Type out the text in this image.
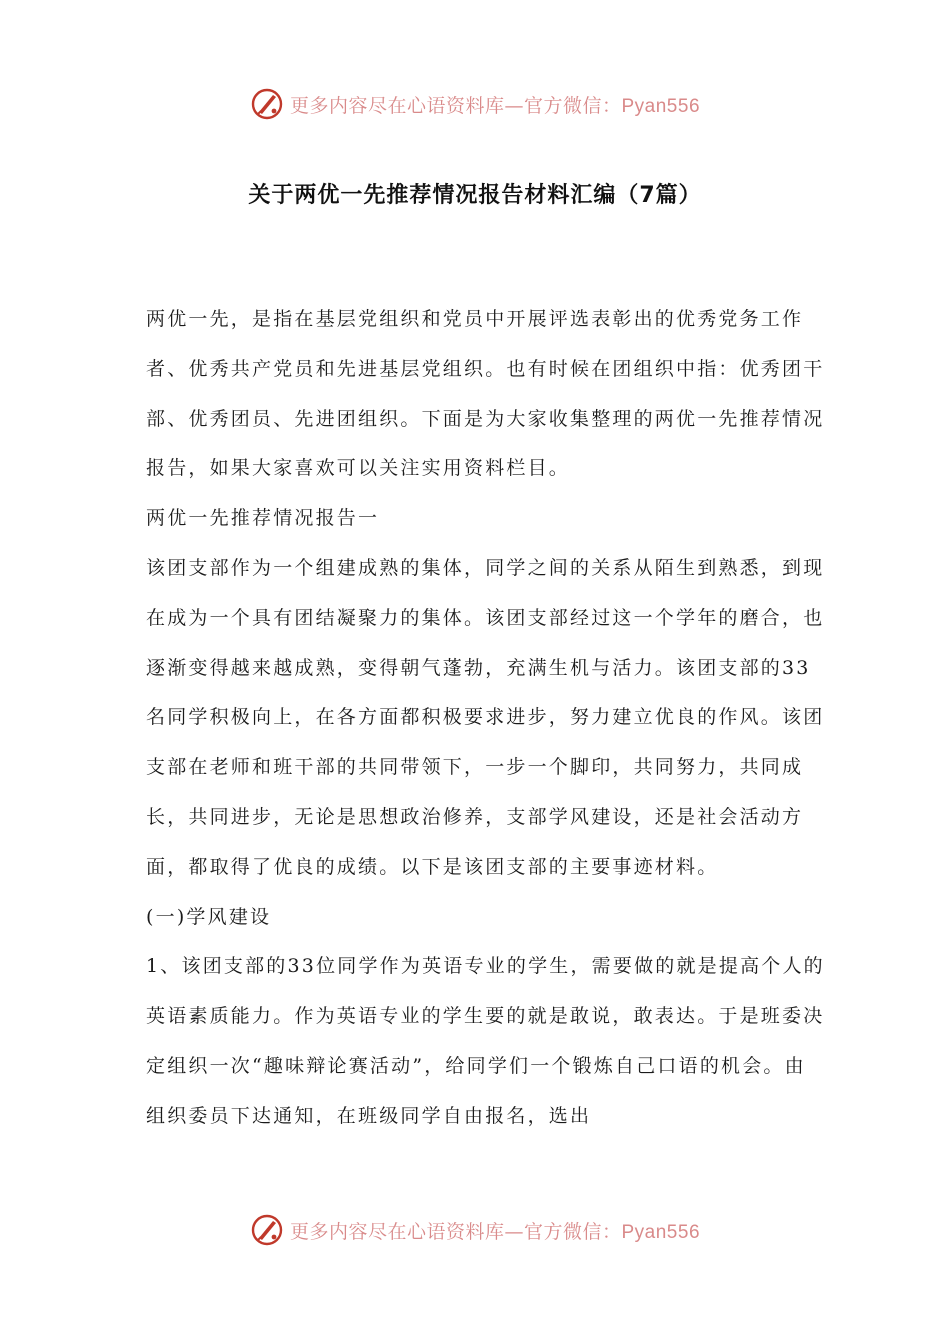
更多内容尽在心语资料库—官方微信：Pyan556
关于两优一先推荐情况报告材料汇编（7篇）

两优一先，是指在基层党组织和党员中开展评选表彰出的优秀党务工作者、优秀共产党员和先进基层党组织。也有时候在团组织中指：优秀团干部、优秀团员、先进团组织。下面是为大家收集整理的两优一先推荐情况报告，如果大家喜欢可以关注实用资料栏目。

两优一先推荐情况报告一

该团支部作为一个组建成熟的集体，同学之间的关系从陌生到熟悉，到现在成为一个具有团结凝聚力的集体。该团支部经过这一个学年的磨合，也逐渐变得越来越成熟，变得朝气蓬勃，充满生机与活力。该团支部的33名同学积极向上，在各方面都积极要求进步，努力建立优良的作风。该团支部在老师和班干部的共同带领下，一步一个脚印，共同努力，共同成长，共同进步，无论是思想政治修养，支部学风建设，还是社会活动方面，都取得了优良的成绩。以下是该团支部的主要事迹材料。

(一)学风建设

1、该团支部的33位同学作为英语专业的学生，需要做的就是提高个人的英语素质能力。作为英语专业的学生要的就是敢说，敢表达。于是班委决定组织一次“趣味辩论赛活动”，给同学们一个锻炼自己口语的机会。由组织委员下达通知，在班级同学自由报名，选出

更多内容尽在心语资料库—官方微信：Pyan556
